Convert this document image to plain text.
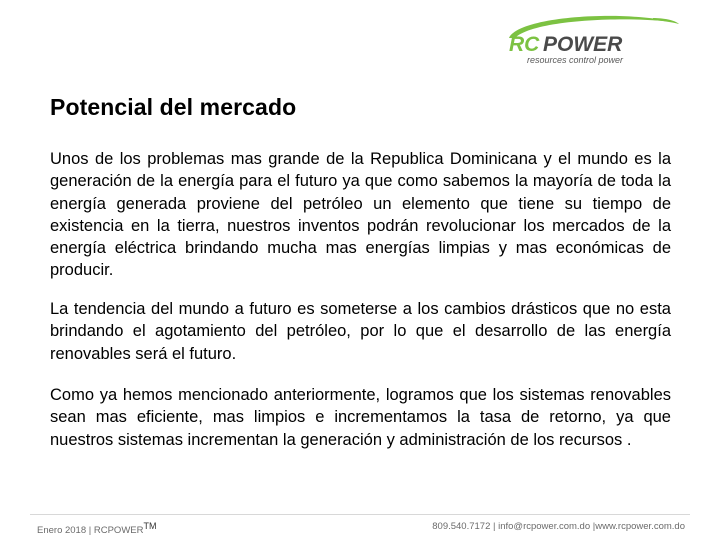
RC POWER
resources control power
Potencial del mercado

Unos de los problemas mas grande de la Republica Dominicana y el mundo es la generación de la energía para el futuro ya que como sabemos la mayoría de toda la energía generada proviene del petróleo un elemento que tiene su tiempo de existencia en la tierra, nuestros inventos podrán revolucionar los mercados de la energía eléctrica brindando mucha mas energías limpias y mas económicas de producir.

La tendencia del mundo a futuro es someterse a los cambios drásticos que no esta brindando el agotamiento del petróleo, por lo que el desarrollo de las energía renovables será el futuro.

Como ya hemos mencionado anteriormente, logramos que los sistemas renovables sean mas eficiente, mas limpios e incrementamos la tasa de retorno, ya que nuestros sistemas incrementan la generación y administración de los recursos .

Enero 2018 | RCPOWER™	809.540.7172 | info@rcpower.com.do |www.rcpower.com.do
